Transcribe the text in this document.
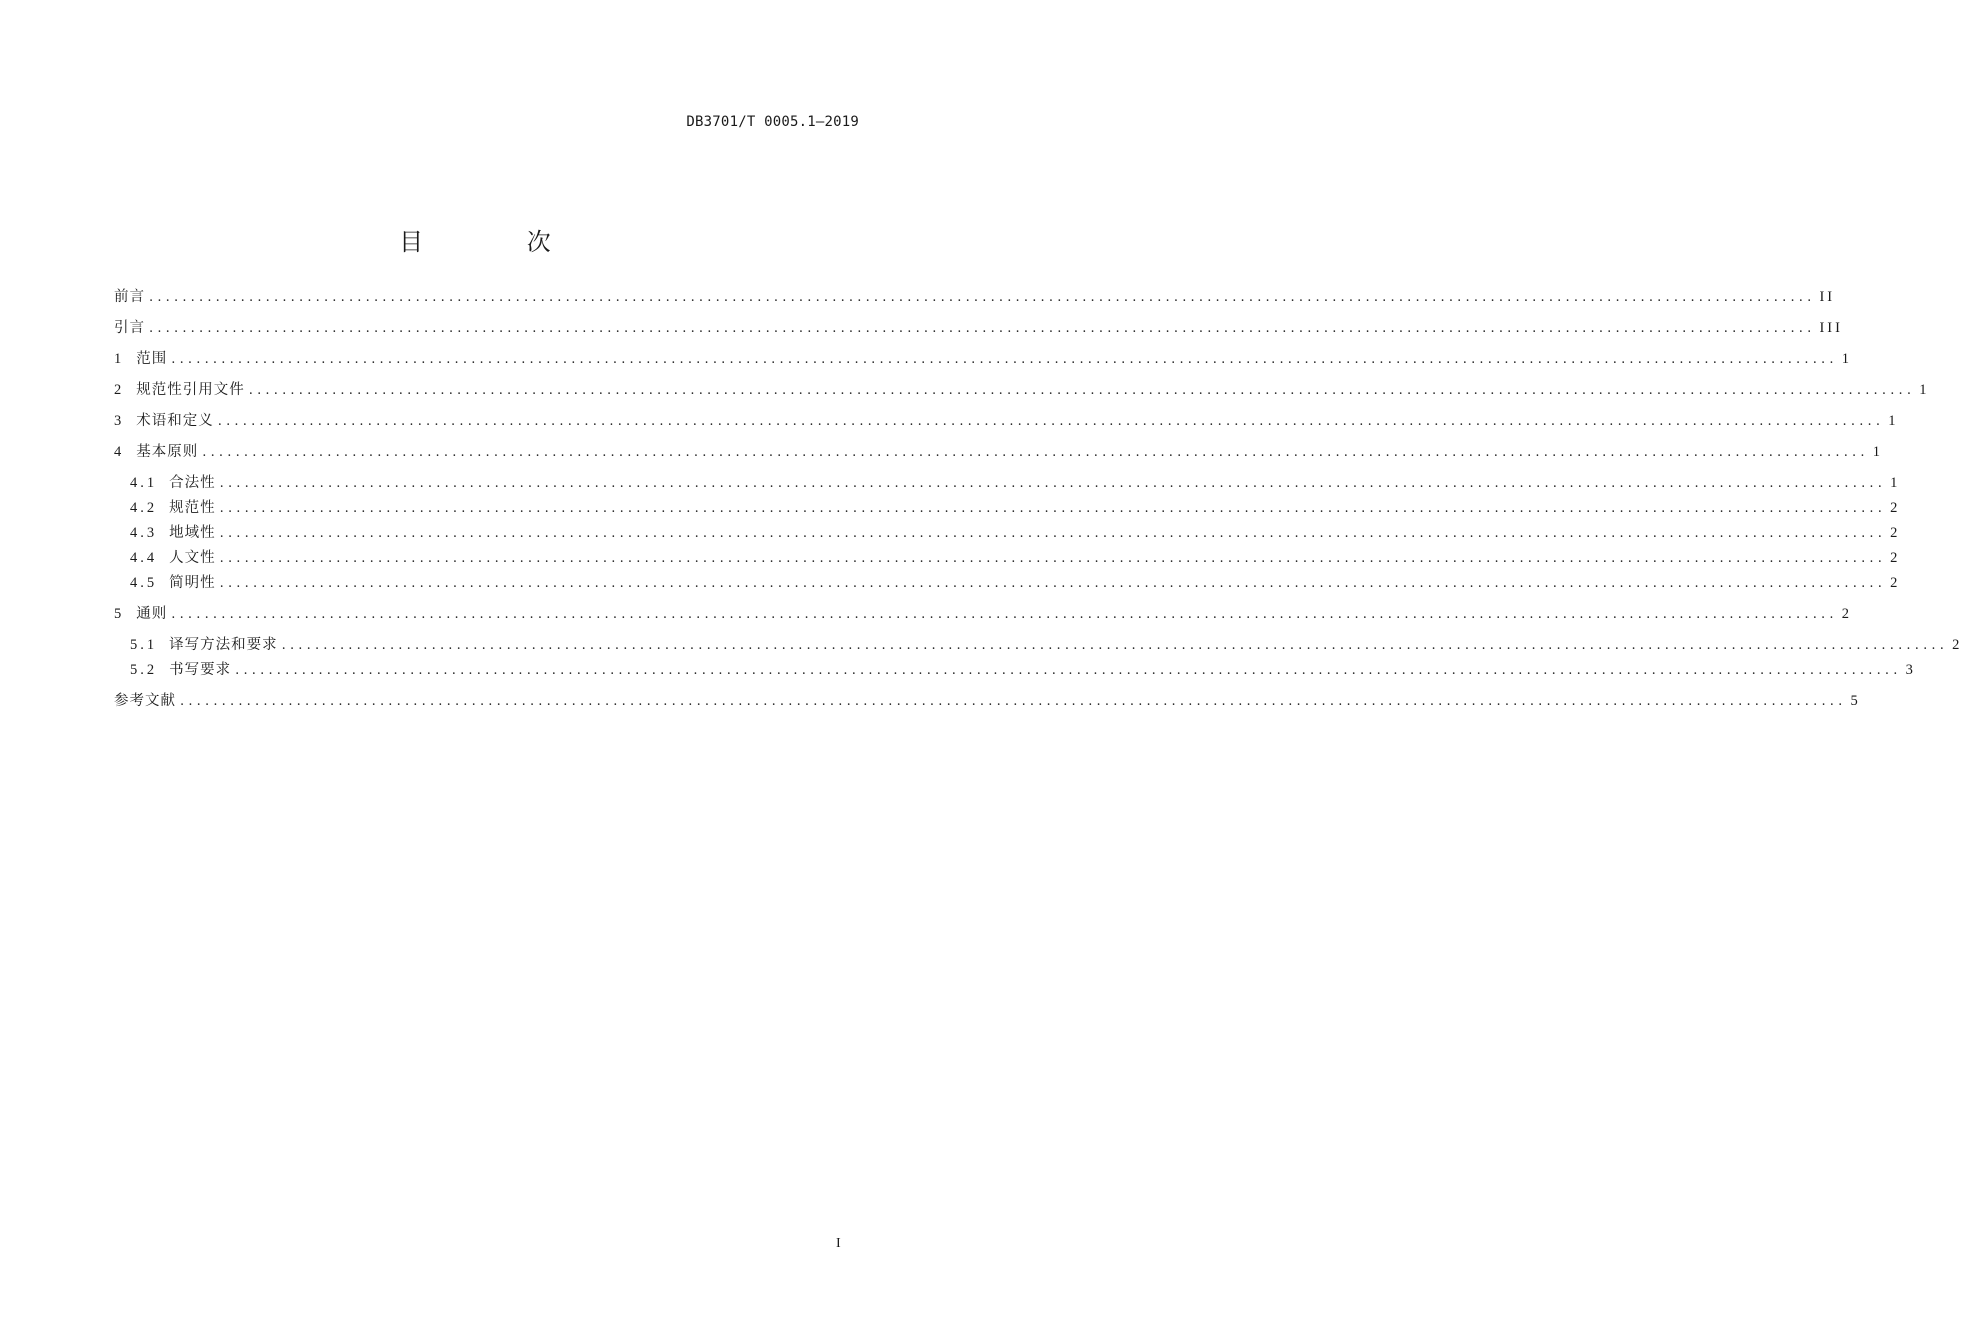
DB3701/T 0005.1—2019
目 次
前言 ........................................................................................................................................................................................................ II
引言 ........................................................................................................................................................................................................ III
1 范围 ........................................................................................................................................................................................................ 1
2 规范性引用文件 ........................................................................................................................................................................................................ 1
3 术语和定义 ........................................................................................................................................................................................................ 1
4 基本原则 ........................................................................................................................................................................................................ 1
4.1 合法性 ........................................................................................................................................................................................................ 1
4.2 规范性 ........................................................................................................................................................................................................ 2
4.3 地域性 ........................................................................................................................................................................................................ 2
4.4 人文性 ........................................................................................................................................................................................................ 2
4.5 简明性 ........................................................................................................................................................................................................ 2
5 通则 ........................................................................................................................................................................................................ 2
5.1 译写方法和要求 ........................................................................................................................................................................................................ 2
5.2 书写要求 ........................................................................................................................................................................................................ 3
参考文献 ........................................................................................................................................................................................................ 5
I
